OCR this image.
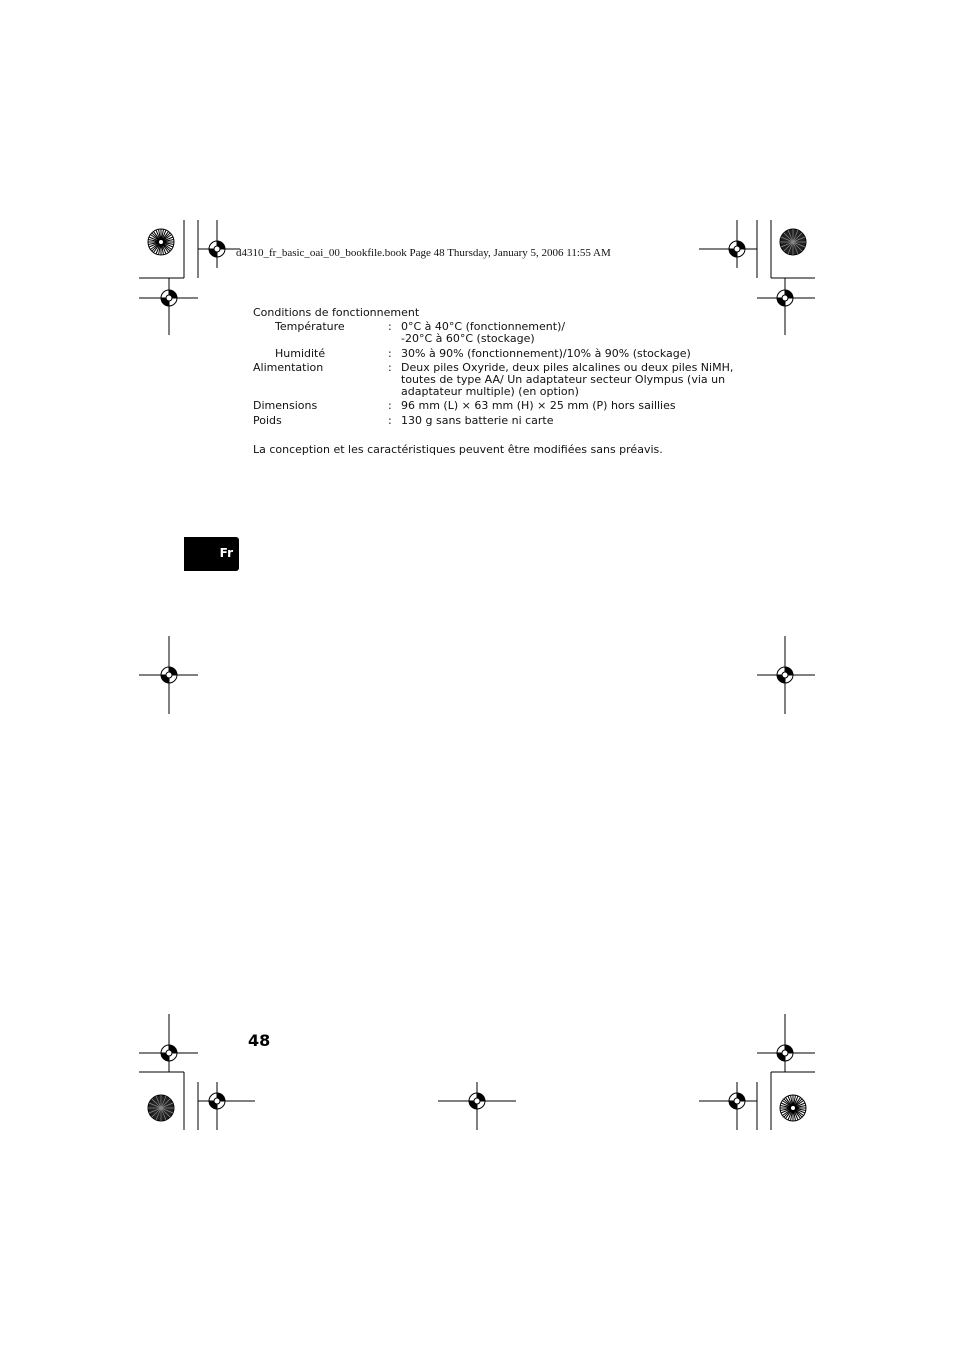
d4310_fr_basic_oai_00_bookfile.book Page 48 Thursday, January 5, 2006 11:55 AM
Conditions de fonctionnement
Température	: 0°C à 40°C (fonctionnement)/
-20°C à 60°C (stockage)
Humidité	: 30% à 90% (fonctionnement)/10% à 90% (stockage)
Alimentation	: Deux piles Oxyride, deux piles alcalines ou deux piles NiMH,
toutes de type AA/ Un adaptateur secteur Olympus (via un
adaptateur multiple) (en option)
Dimensions	: 96 mm (L) × 63 mm (H) × 25 mm (P) hors saillies
Poids	: 130 g sans batterie ni carte
La conception et les caractéristiques peuvent être modifiées sans préavis.
Fr
48
